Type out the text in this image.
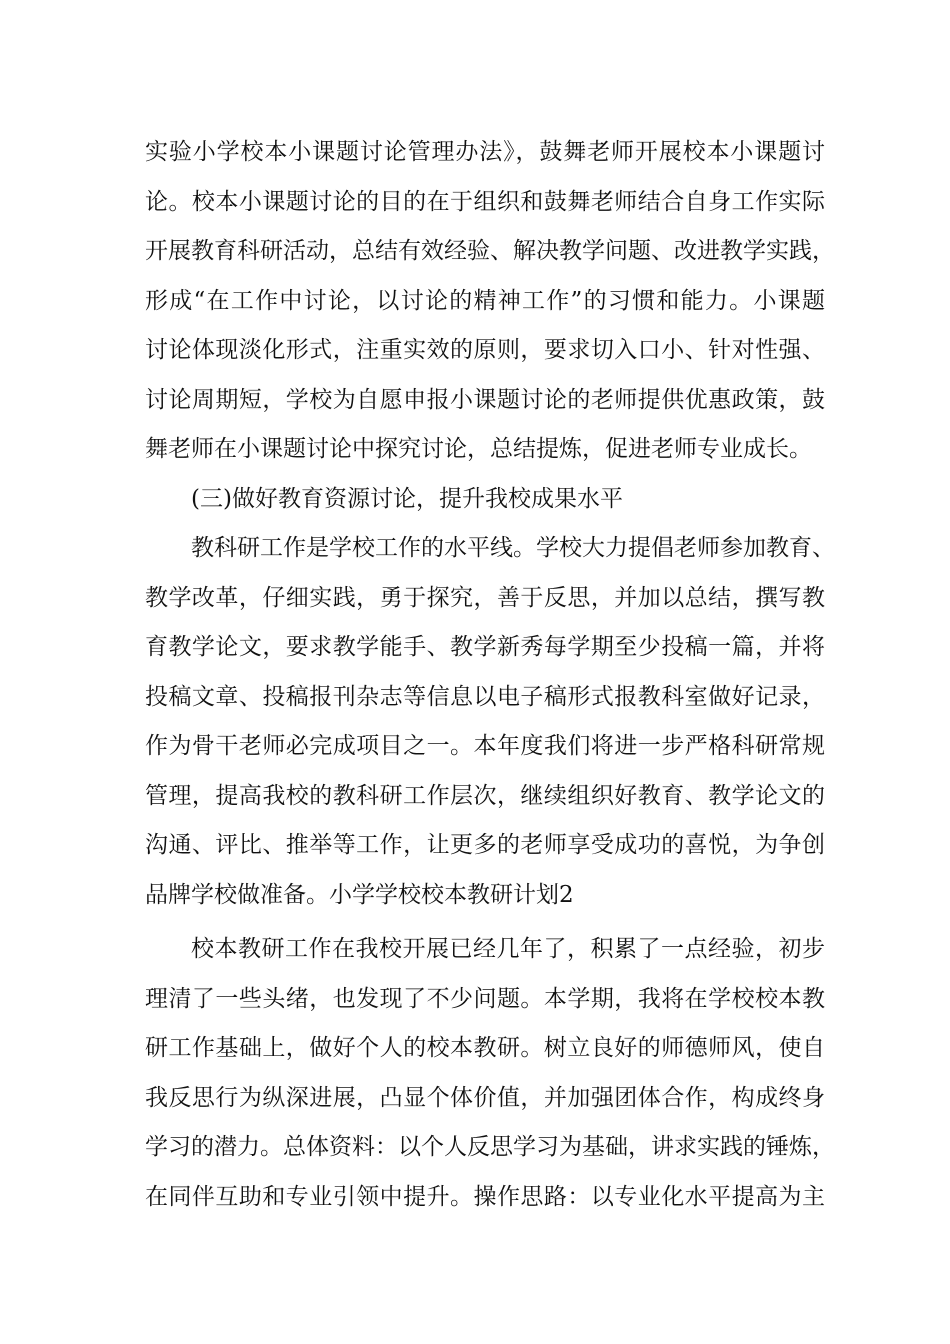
实验小学校本小课题讨论管理办法》，鼓舞老师开展校本小课题讨
论。校本小课题讨论的目的在于组织和鼓舞老师结合自身工作实际
开展教育科研活动，总结有效经验、解决教学问题、改进教学实践，
形成“在工作中讨论，以讨论的精神工作”的习惯和能力。小课题
讨论体现淡化形式，注重实效的原则，要求切入口小、针对性强、
讨论周期短，学校为自愿申报小课题讨论的老师提供优惠政策，鼓
舞老师在小课题讨论中探究讨论，总结提炼，促进老师专业成长。
(三)做好教育资源讨论，提升我校成果水平
教科研工作是学校工作的水平线。学校大力提倡老师参加教育、
教学改革，仔细实践，勇于探究，善于反思，并加以总结，撰写教
育教学论文，要求教学能手、教学新秀每学期至少投稿一篇，并将
投稿文章、投稿报刊杂志等信息以电子稿形式报教科室做好记录，
作为骨干老师必完成项目之一。本年度我们将进一步严格科研常规
管理，提高我校的教科研工作层次，继续组织好教育、教学论文的
沟通、评比、推举等工作，让更多的老师享受成功的喜悦，为争创
品牌学校做准备。小学学校校本教研计划2
校本教研工作在我校开展已经几年了，积累了一点经验，初步
理清了一些头绪，也发现了不少问题。本学期，我将在学校校本教
研工作基础上，做好个人的校本教研。树立良好的师德师风，使自
我反思行为纵深进展，凸显个体价值，并加强团体合作，构成终身
学习的潜力。总体资料：以个人反思学习为基础，讲求实践的锤炼，
在同伴互助和专业引领中提升。操作思路：以专业化水平提高为主
